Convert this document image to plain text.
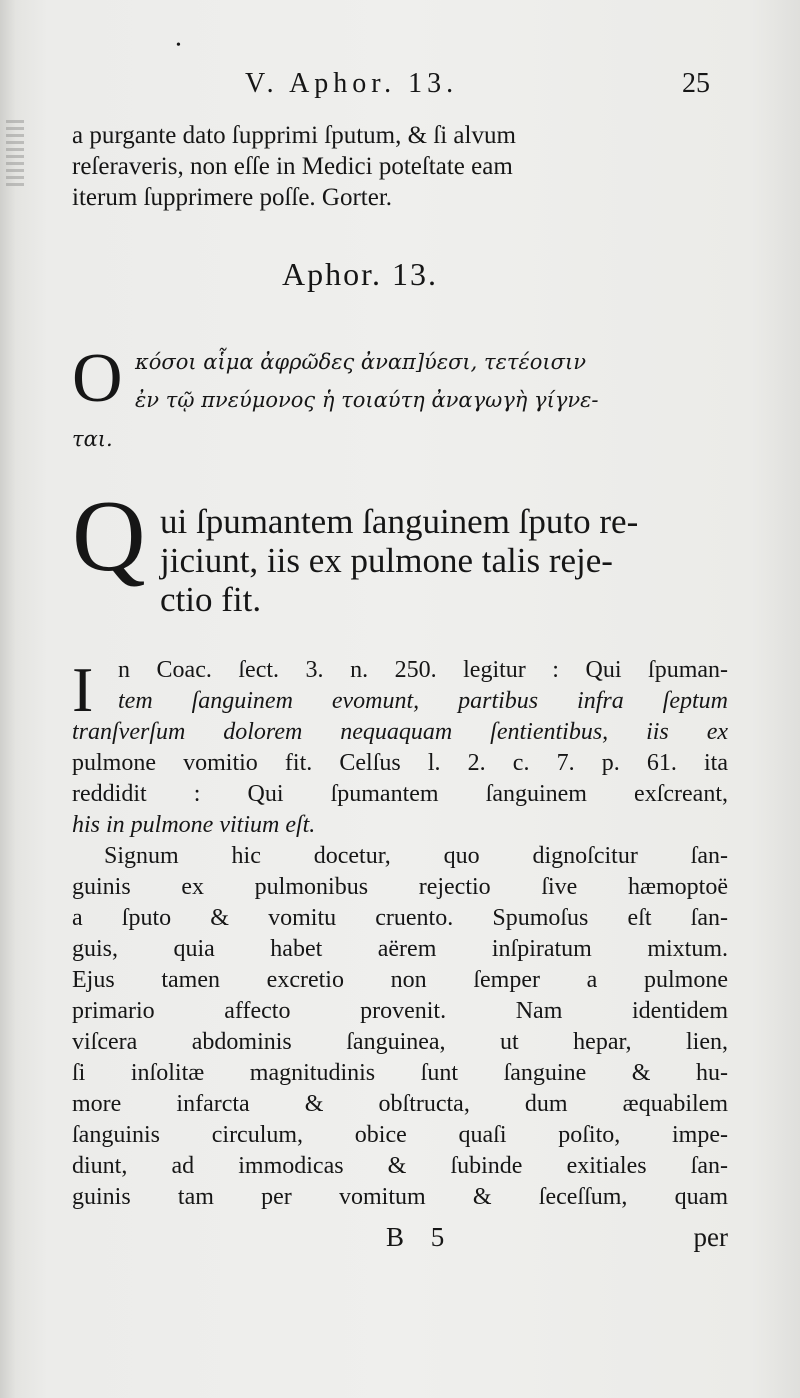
•
V. Aphor. 13.	25
a purgante dato ſupprimi ſputum, & ſi alvum
reſeraveris, non eſſe in Medici poteſtate eam
iterum ſupprimere poſſe. Gorter.
Aphor. 13.
O κόσοι αἷμα ἀφρῶδες ἀναπ]ύεσι, τετέοισιν
ἐν τῷ πνεύμονος ἡ τοιαύτη ἀναγωγὴ γίγνε-
ται.
Q ui ſpumantem ſanguinem ſputo re-
jiciunt, iis ex pulmone talis reje-
ctio fit.
I n Coac. ſect. 3. n. 250. legitur : Qui ſpuman-
tem ſanguinem evomunt, partibus infra ſeptum
tranſverſum dolorem nequaquam ſentientibus, iis ex
pulmone vomitio fit. Celſus l. 2. c. 7. p. 61. ita
reddidit : Qui ſpumantem ſanguinem exſcreant,
his in pulmone vitium eſt.
Signum hic docetur, quo dignoſcitur ſan-
guinis ex pulmonibus rejectio ſive hæmoptoë
a ſputo & vomitu cruento. Spumoſus eſt ſan-
guis, quia habet aërem inſpiratum mixtum.
Ejus tamen excretio non ſemper a pulmone
primario affecto provenit. Nam identidem
viſcera abdominis ſanguinea, ut hepar, lien,
ſi inſolitæ magnitudinis ſunt ſanguine & hu-
more infarcta & obſtructa, dum æquabilem
ſanguinis circulum, obice quaſi poſito, impe-
diunt, ad immodicas & ſubinde exitiales ſan-
guinis tam per vomitum & ſeceſſum, quam
B 5	per
